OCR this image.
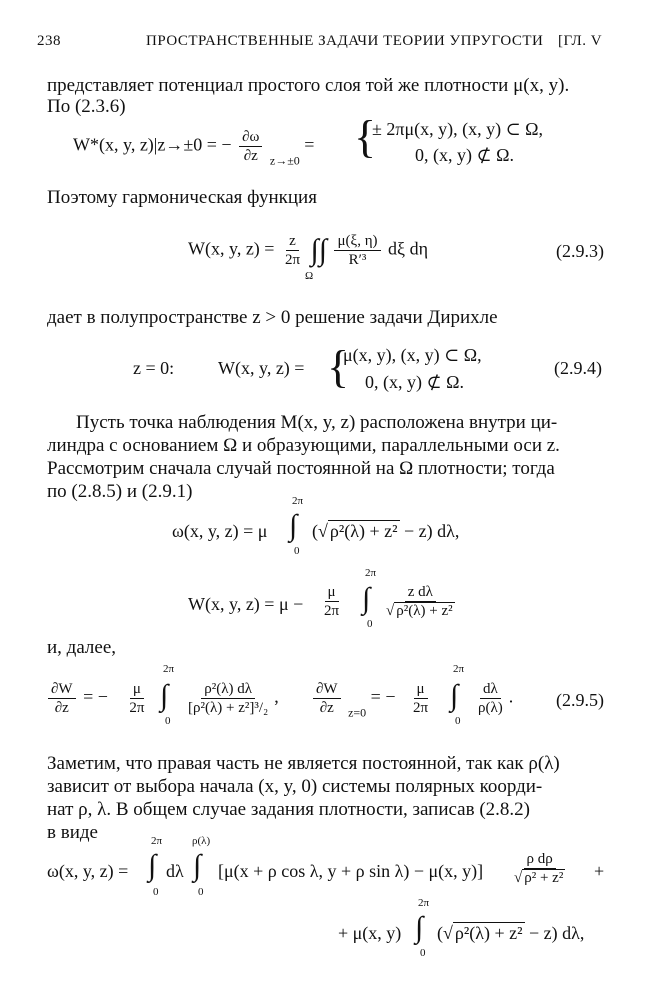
238	ПРОСТРАНСТВЕННЫЕ ЗАДАЧИ ТЕОРИИ УПРУГОСТИ [ГЛ. V
представляет потенциал простого слоя той же плотности μ(x, y).
По (2.3.6)
W*(x, y, z)|z→±0 = − $\frac{\partial\omega}{\partial z} _{z\to\pm 0}$ = {
± 2πμ(x, y), (x, y) ⊂ Ω,
0, (x, y) ⊄ Ω.
Поэтому гармоническая функция
W(x, y, $z) = \frac{z}{2\pi}$ ∫∫ $\frac{\mu(\xi, \eta)}{\text{R′³}}$ dξ dη
Ω
(2.9.3)
дает в полупространстве z > 0 решение задачи Дирихле
z = 0: W(x, y, z) = {
μ(x, y), (x, y) ⊂ Ω,
0, (x, y) ⊄ Ω.
(2.9.4)
Пусть точка наблюдения M(x, y, z) расположена внутри ци-
линдра с основанием Ω и образующими, параллельными оси z.
Рассмотрим сначала случай постоянной на Ω плотности; тогда
по (2.8.5) и (2.9.1)	2π
ω(x, y, z) = μ ∫
0
(√ ρ²(λ) + z² − z) dλ,
2π
W(x, y, $z) = \mu - \frac{\mu}{2\pi}$ ∫
0
$\frac{\text{z dλ}}{\text{√ ρ²(λ) + z²}}$
и, далее,
2π	2π
$\frac{\partial W}{\partial z}$ = − $\frac{\mu}{2\pi}$ ∫
0
$\frac{\text{ρ²(λ) dλ}}{\text{[ρ²(λ) + z²]³/₂}}$ , $\frac{\partial W}{\partial z} _{z=0}$ = − $\frac{\mu}{2\pi}$ ∫
0
$\frac{d\lambda}{\rho(\lambda)}$ . (2.9.5)
Заметим, что правая часть не является постоянной, так как ρ(λ)
зависит от выбора начала (x, y, 0) системы полярных коорди-
нат ρ, λ. В общем случае задания плотности, записав (2.8.2)
в виде	2π	ρ(λ)
ω(x, y, z) = ∫
0
dλ ∫
0
[μ(x + ρ cos λ, y + ρ sin λ) − μ(x, $y)] \frac{\text{ρ dρ}}{\text{√ ρ² + z²}}$ +
2π
+ μ(x, y) ∫
0
(√ ρ²(λ) + z² − z) dλ,
